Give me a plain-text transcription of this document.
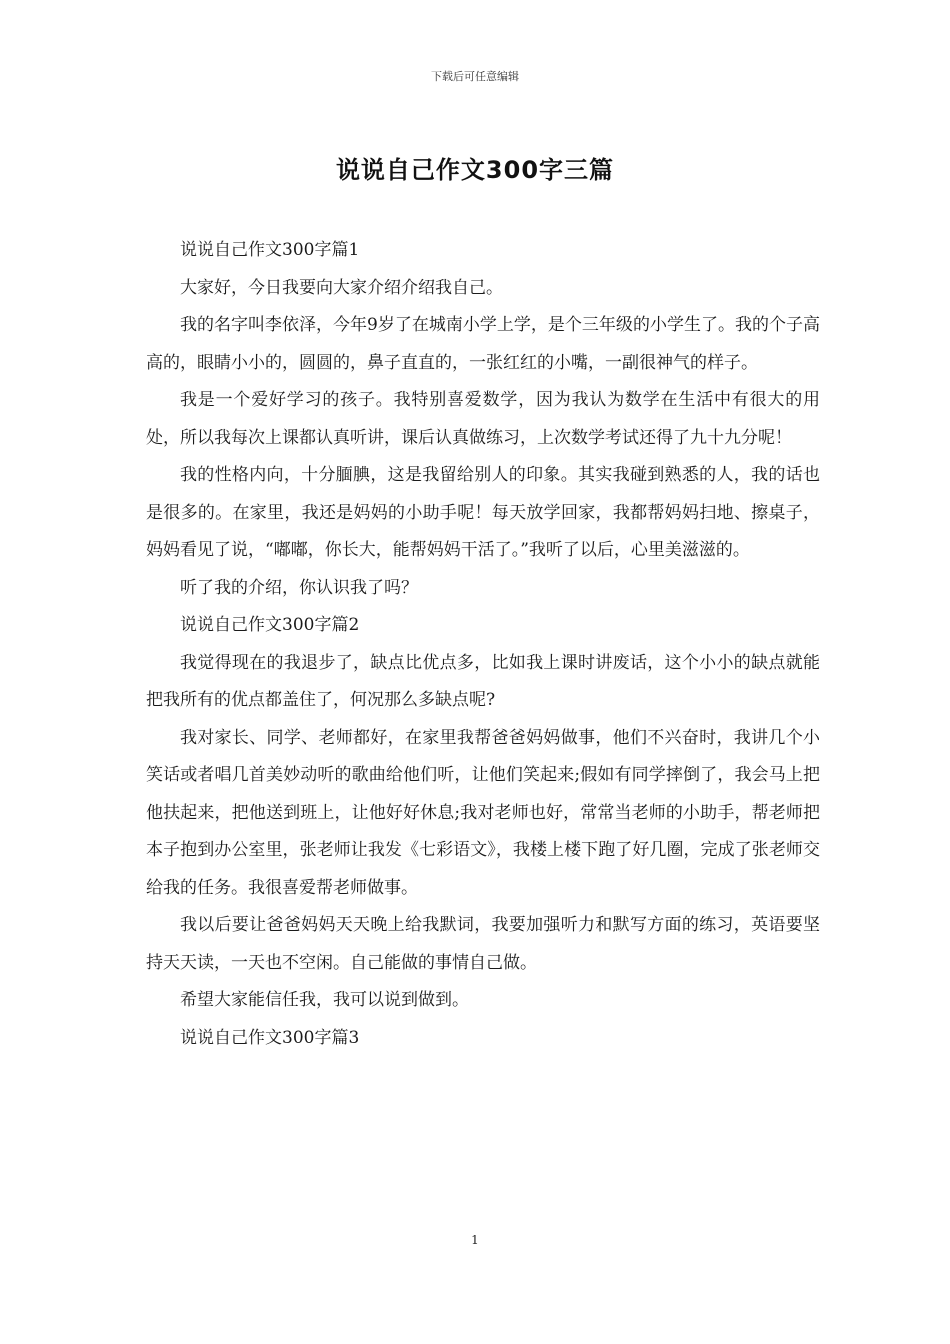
下载后可任意编辑
说说自己作文300字三篇

说说自己作文300字篇1

大家好，今日我要向大家介绍介绍我自己。

我的名字叫李依泽，今年9岁了在城南小学上学，是个三年级的小学生了。我的个子高高的，眼睛小小的，圆圆的，鼻子直直的，一张红红的小嘴，一副很神气的样子。

我是一个爱好学习的孩子。我特别喜爱数学，因为我认为数学在生活中有很大的用处，所以我每次上课都认真听讲，课后认真做练习，上次数学考试还得了九十九分呢！

我的性格内向，十分腼腆，这是我留给别人的印象。其实我碰到熟悉的人，我的话也是很多的。在家里，我还是妈妈的小助手呢！每天放学回家，我都帮妈妈扫地、擦桌子，妈妈看见了说，“嘟嘟，你长大，能帮妈妈干活了。”我听了以后，心里美滋滋的。

听了我的介绍，你认识我了吗？

说说自己作文300字篇2

我觉得现在的我退步了，缺点比优点多，比如我上课时讲废话，这个小小的缺点就能把我所有的优点都盖住了，何况那么多缺点呢?

我对家长、同学、老师都好，在家里我帮爸爸妈妈做事，他们不兴奋时，我讲几个小笑话或者唱几首美妙动听的歌曲给他们听，让他们笑起来;假如有同学摔倒了，我会马上把他扶起来，把他送到班上，让他好好休息;我对老师也好，常常当老师的小助手，帮老师把本子抱到办公室里，张老师让我发《七彩语文》，我楼上楼下跑了好几圈，完成了张老师交给我的任务。我很喜爱帮老师做事。

我以后要让爸爸妈妈天天晚上给我默词，我要加强听力和默写方面的练习，英语要坚持天天读，一天也不空闲。自己能做的事情自己做。

希望大家能信任我，我可以说到做到。

说说自己作文300字篇3

1
